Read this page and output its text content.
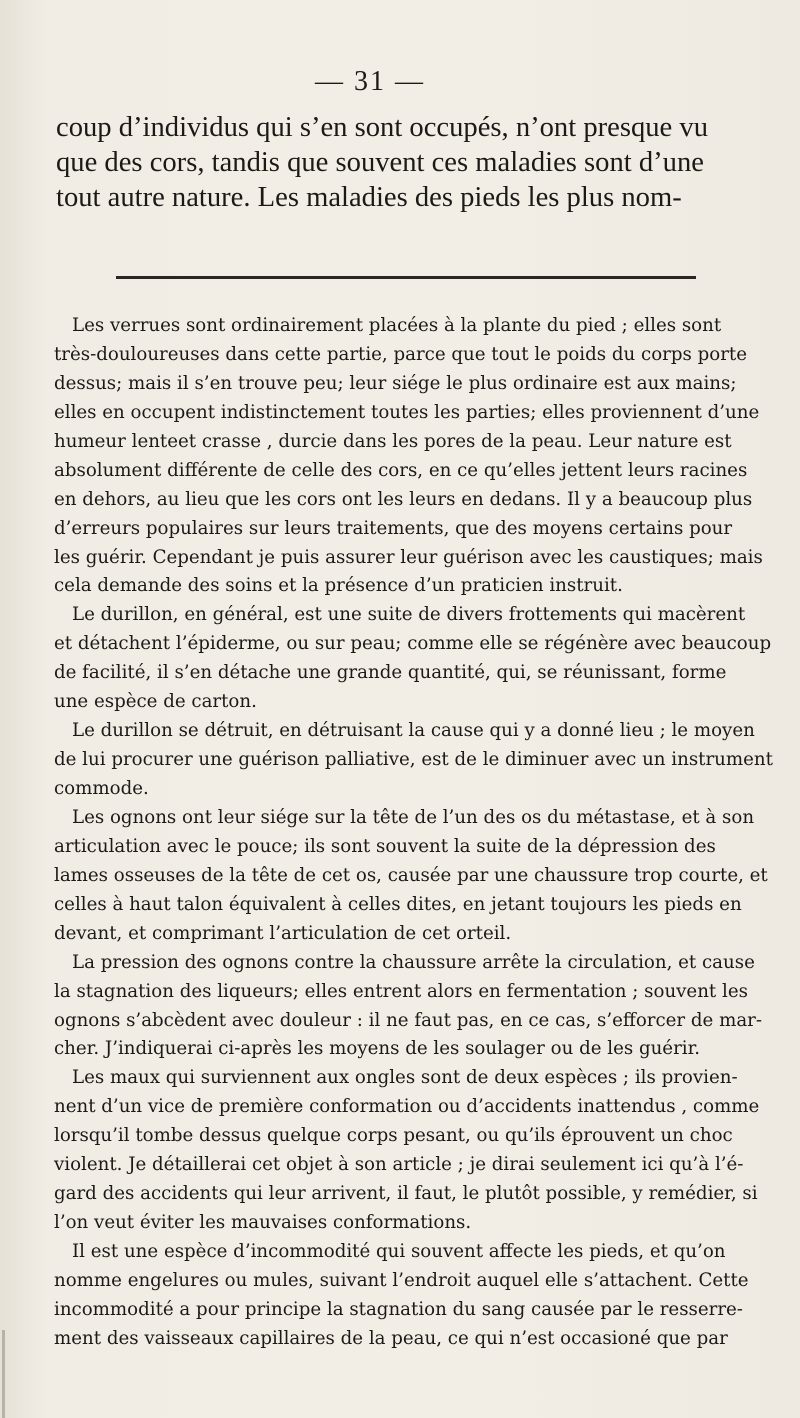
— 31 —
coup d’individus qui s’en sont occupés, n’ont presque vu
que des cors, tandis que souvent ces maladies sont d’une
tout autre nature. Les maladies des pieds les plus nom-
Les verrues sont ordinairement placées à la plante du pied ; elles sont
très-douloureuses dans cette partie, parce que tout le poids du corps porte
dessus; mais il s’en trouve peu; leur siége le plus ordinaire est aux mains;
elles en occupent indistinctement toutes les parties; elles proviennent d’une
humeur lenteet crasse , durcie dans les pores de la peau. Leur nature est
absolument différente de celle des cors, en ce qu’elles jettent leurs racines
en dehors, au lieu que les cors ont les leurs en dedans. Il y a beaucoup plus
d’erreurs populaires sur leurs traitements, que des moyens certains pour
les guérir. Cependant je puis assurer leur guérison avec les caustiques; mais
cela demande des soins et la présence d’un praticien instruit.
Le durillon, en général, est une suite de divers frottements qui macèrent
et détachent l’épiderme, ou sur peau; comme elle se régénère avec beaucoup
de facilité, il s’en détache une grande quantité, qui, se réunissant, forme
une espèce de carton.
Le durillon se détruit, en détruisant la cause qui y a donné lieu ; le moyen
de lui procurer une guérison palliative, est de le diminuer avec un instrument
commode.
Les ognons ont leur siége sur la tête de l’un des os du métastase, et à son
articulation avec le pouce; ils sont souvent la suite de la dépression des
lames osseuses de la tête de cet os, causée par une chaussure trop courte, et
celles à haut talon équivalent à celles dites, en jetant toujours les pieds en
devant, et comprimant l’articulation de cet orteil.
La pression des ognons contre la chaussure arrête la circulation, et cause
la stagnation des liqueurs; elles entrent alors en fermentation ; souvent les
ognons s’abcèdent avec douleur : il ne faut pas, en ce cas, s’efforcer de mar-
cher. J’indiquerai ci-après les moyens de les soulager ou de les guérir.
Les maux qui surviennent aux ongles sont de deux espèces ; ils provien-
nent d’un vice de première conformation ou d’accidents inattendus , comme
lorsqu’il tombe dessus quelque corps pesant, ou qu’ils éprouvent un choc
violent. Je détaillerai cet objet à son article ; je dirai seulement ici qu’à l’é-
gard des accidents qui leur arrivent, il faut, le plutôt possible, y remédier, si
l’on veut éviter les mauvaises conformations.
Il est une espèce d’incommodité qui souvent affecte les pieds, et qu’on
nomme engelures ou mules, suivant l’endroit auquel elle s’attachent. Cette
incommodité a pour principe la stagnation du sang causée par le resserre-
ment des vaisseaux capillaires de la peau, ce qui n’est occasioné que par
